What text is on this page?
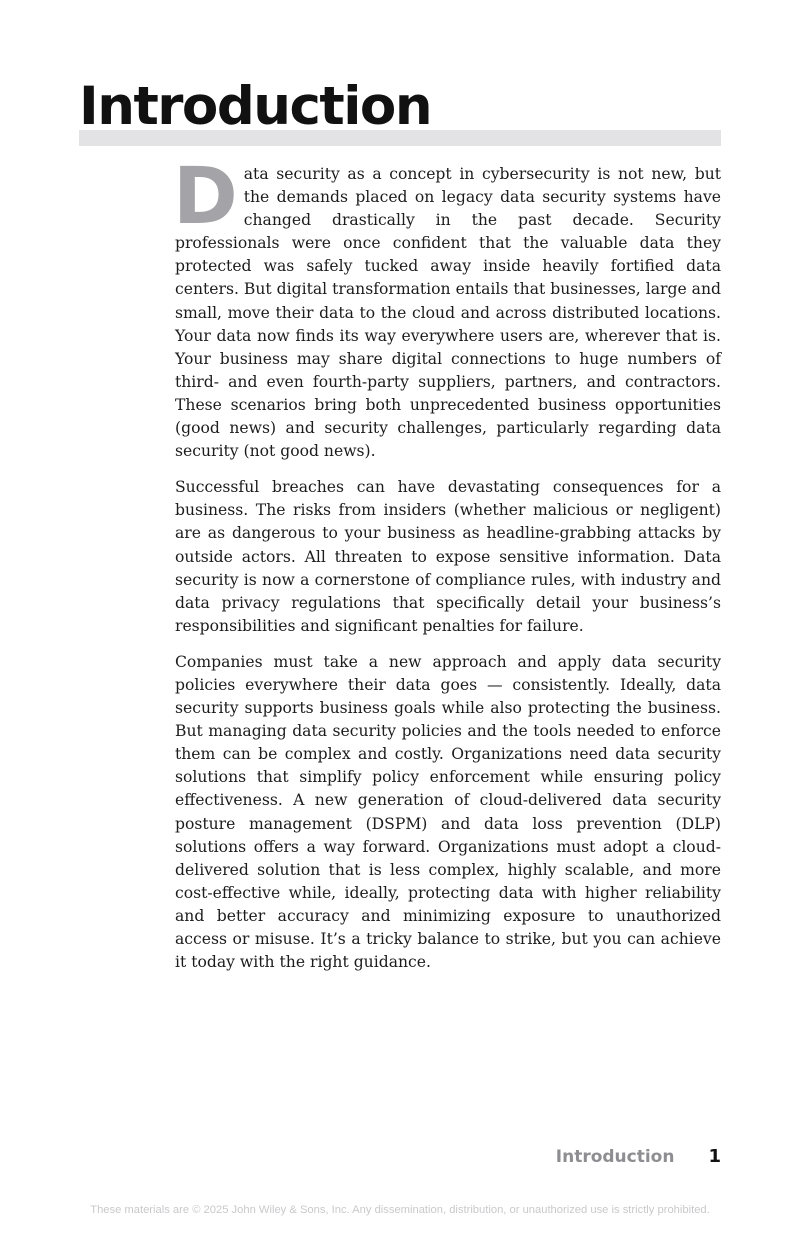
Introduction

Data security as a concept in cybersecurity is not new, but the demands placed on legacy data security systems have changed drastically in the past decade. Security professionals were once confident that the valuable data they protected was safely tucked away inside heavily fortified data centers. But digital transformation entails that businesses, large and small, move their data to the cloud and across distributed locations. Your data now finds its way everywhere users are, wherever that is. Your business may share digital connections to huge numbers of third- and even fourth-party suppliers, partners, and contractors. These scenarios bring both unprecedented business opportunities (good news) and security challenges, particularly regarding data security (not good news).

Successful breaches can have devastating consequences for a business. The risks from insiders (whether malicious or negligent) are as dangerous to your business as headline-grabbing attacks by outside actors. All threaten to expose sensitive information. Data security is now a cornerstone of compliance rules, with industry and data privacy regulations that specifically detail your business’s responsibilities and significant penalties for failure.

Companies must take a new approach and apply data security policies everywhere their data goes — consistently. Ideally, data security supports business goals while also protecting the business. But managing data security policies and the tools needed to enforce them can be complex and costly. Organizations need data security solutions that simplify policy enforcement while ensuring policy effectiveness. A new generation of cloud-delivered data security posture management (DSPM) and data loss prevention (DLP) solutions offers a way forward. Organizations must adopt a cloud-delivered solution that is less complex, highly scalable, and more cost-effective while, ideally, protecting data with higher reliability and better accuracy and minimizing exposure to unauthorized access or misuse. It’s a tricky balance to strike, but you can achieve it today with the right guidance.

Introduction 1
These materials are © 2025 John Wiley & Sons, Inc. Any dissemination, distribution, or unauthorized use is strictly prohibited.
